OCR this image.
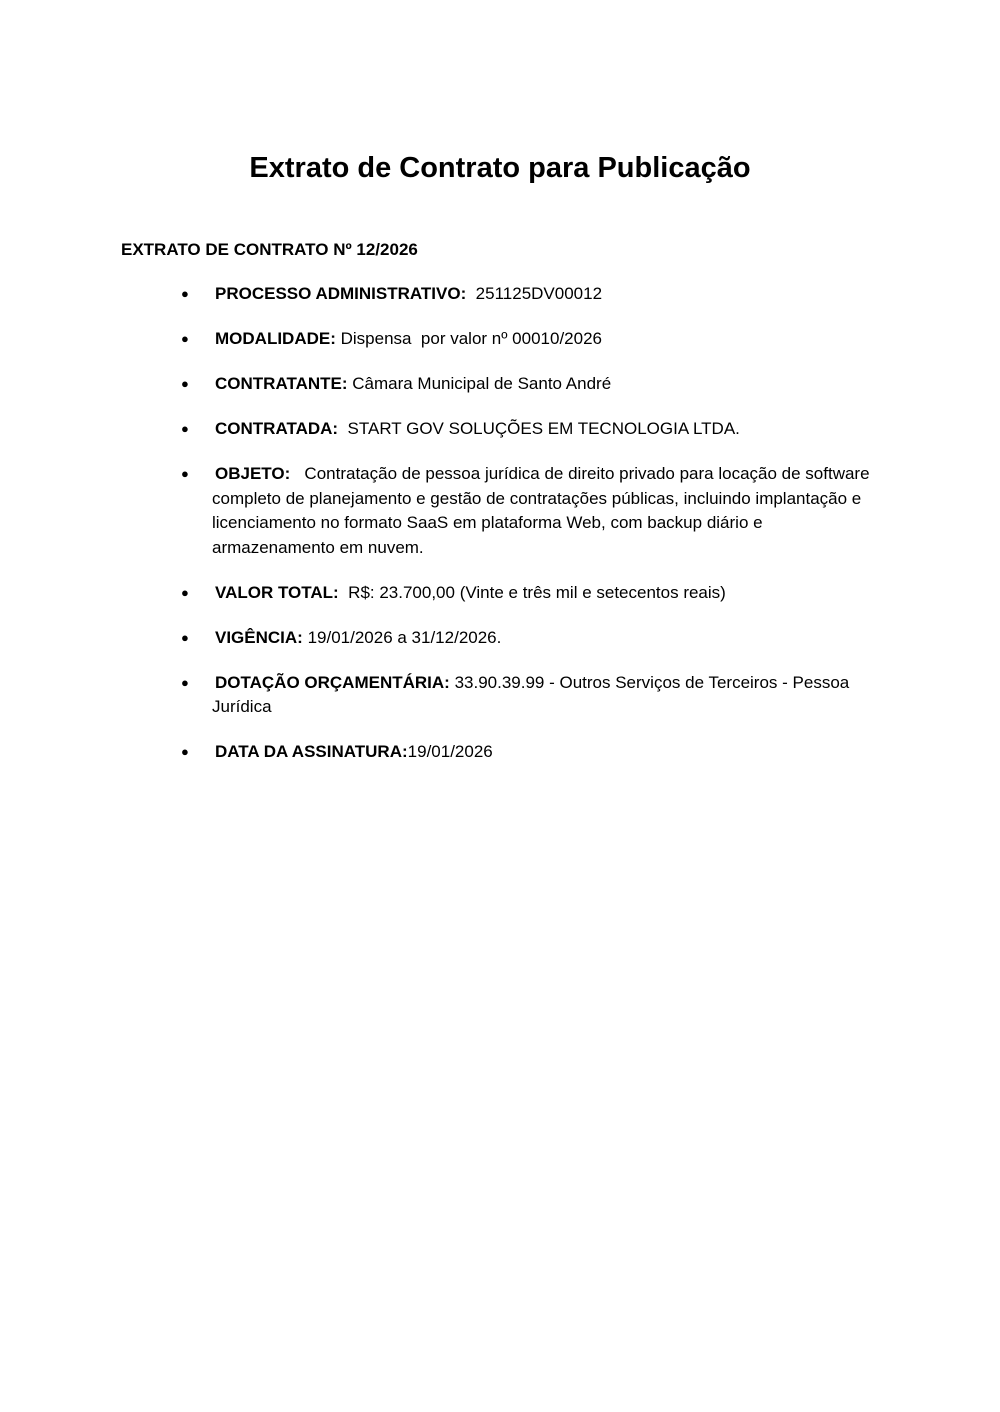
Extrato de Contrato para Publicação
EXTRATO DE CONTRATO Nº 12/2026
● PROCESSO ADMINISTRATIVO:  251125DV00012
● MODALIDADE: Dispensa  por valor nº 00010/2026
● CONTRATANTE: Câmara Municipal de Santo André
● CONTRATADA:  START GOV SOLUÇÕES EM TECNOLOGIA LTDA.
● OBJETO:   Contratação de pessoa jurídica de direito privado para locação de software completo de planejamento e gestão de contratações públicas, incluindo implantação e licenciamento no formato SaaS em plataforma Web, com backup diário e armazenamento em nuvem.
● VALOR TOTAL:  R$: 23.700,00 (Vinte e três mil e setecentos reais)
● VIGÊNCIA: 19/01/2026 a 31/12/2026.
● DOTAÇÃO ORÇAMENTÁRIA: 33.90.39.99 - Outros Serviços de Terceiros - Pessoa Jurídica
● DATA DA ASSINATURA:19/01/2026
